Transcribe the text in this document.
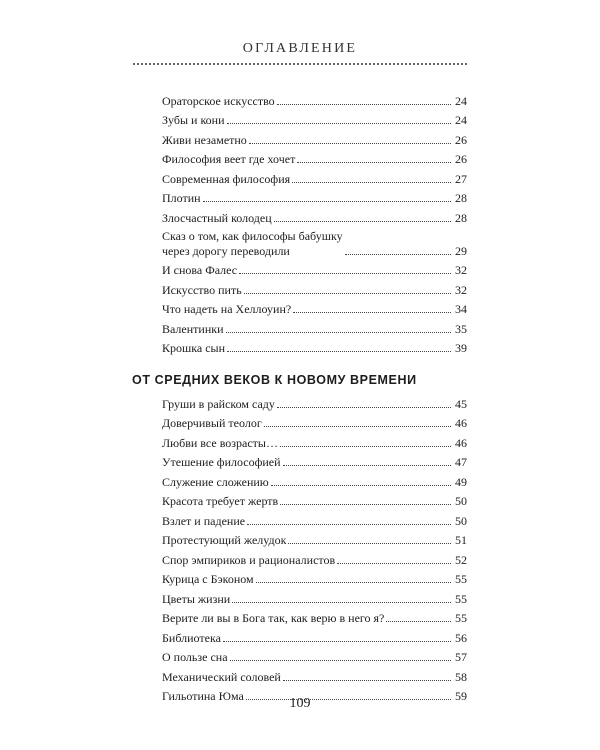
ОГЛАВЛЕНИЕ
Ораторское искусство	24
Зубы и кони	24
Живи незаметно	26
Философия веет где хочет	26
Современная философия	27
Плотин	28
Злосчастный колодец	28
Сказ о том, как философы бабушку
через дорогу переводили	29
И снова Фалес	32
Искусство пить	32
Что надеть на Хеллоуин?	34
Валентинки	35
Крошка сын	39
ОТ СРЕДНИХ ВЕКОВ К НОВОМУ ВРЕМЕНИ
Груши в райском саду	45
Доверчивый теолог	46
Любви все возрасты…	46
Утешение философией	47
Служение сложению	49
Красота требует жертв	50
Взлет и падение	50
Протестующий желудок	51
Спор эмпириков и рационалистов	52
Курица с Бэконом	55
Цветы жизни	55
Верите ли вы в Бога так, как верю в него я?	55
Библиотека	56
О пользе сна	57
Механический соловей	58
Гильотина Юма	59
109
